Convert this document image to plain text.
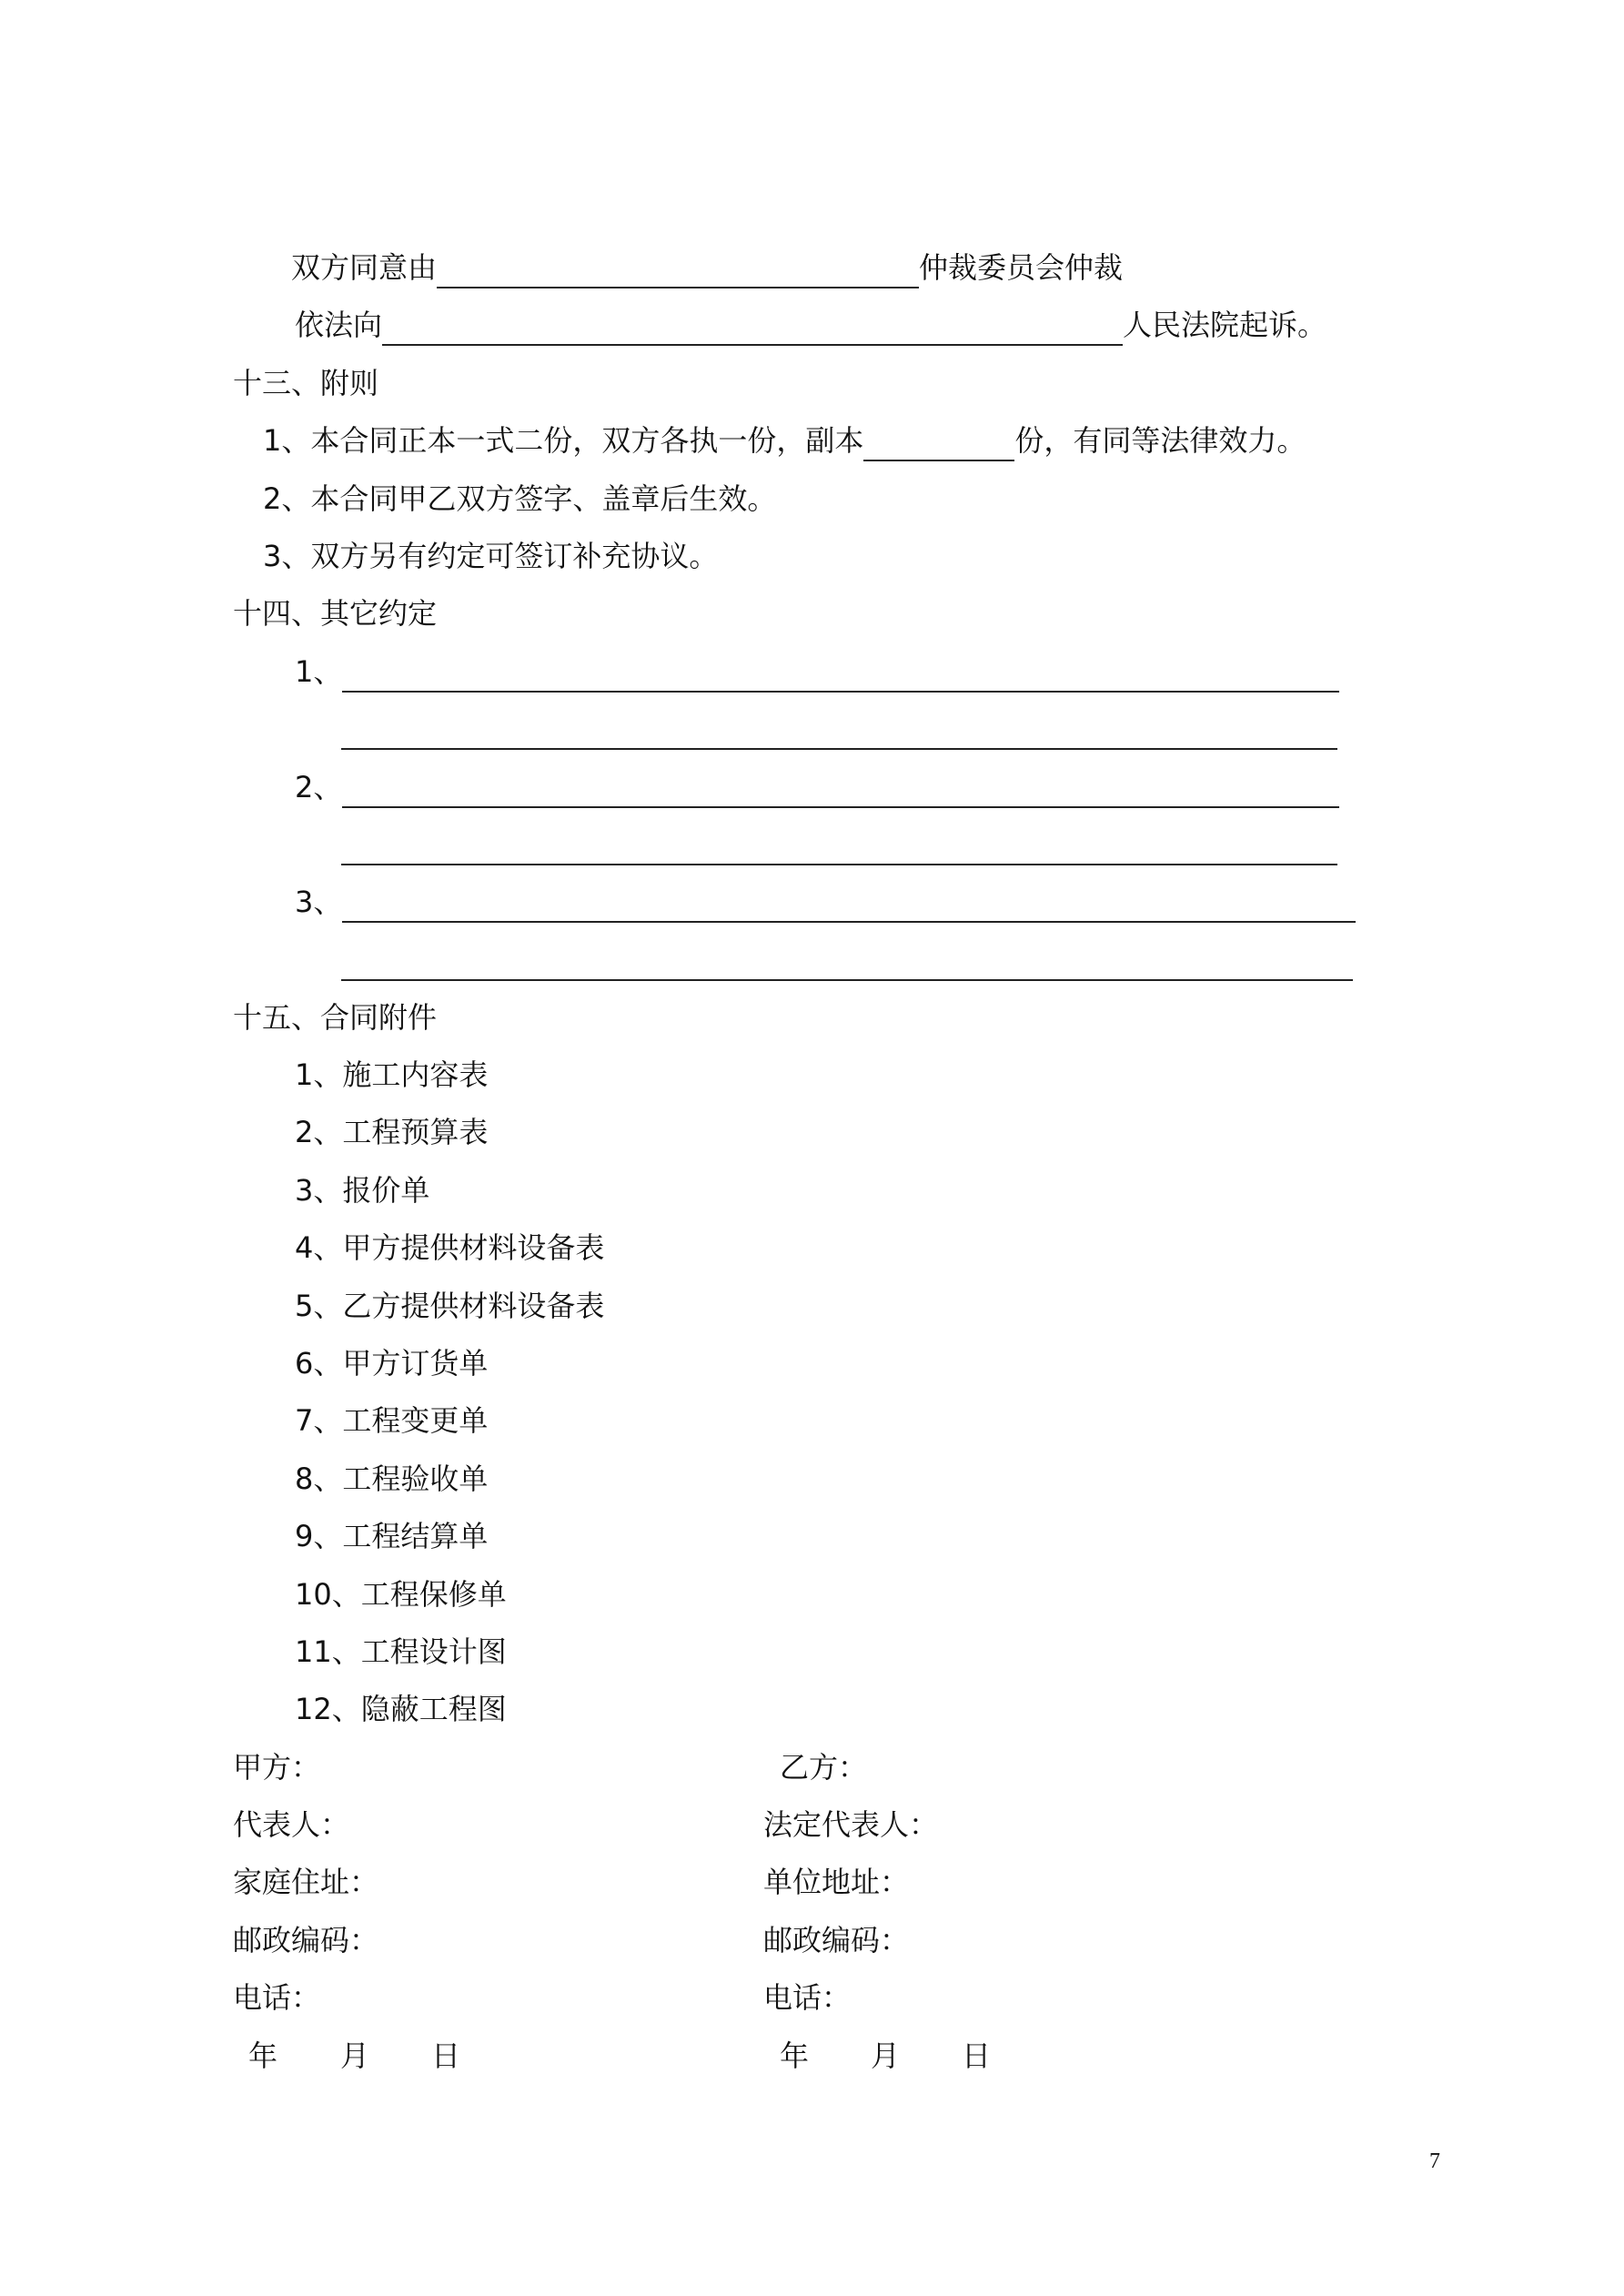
双方同意由	仲裁委员会仲裁
依法向	人民法院起诉。
十三、附则
1、本合同正本一式二份，双方各执一份，副本	份，有同等法律效力。
2、本合同甲乙双方签字、盖章后生效。
3、双方另有约定可签订补充协议。
十四、其它约定
1、
2、
3、
十五、合同附件
1、施工内容表
2、工程预算表
3、报价单
4、甲方提供材料设备表
5、乙方提供材料设备表
6、甲方订货单
7、工程变更单
8、工程验收单
9、工程结算单
10、工程保修单
11、工程设计图
12、隐蔽工程图
甲方：	乙方：
代表人：	法定代表人：
家庭住址：	单位地址：
邮政编码：	邮政编码：
电话：	电话：
年 月 日	年 月 日
7
